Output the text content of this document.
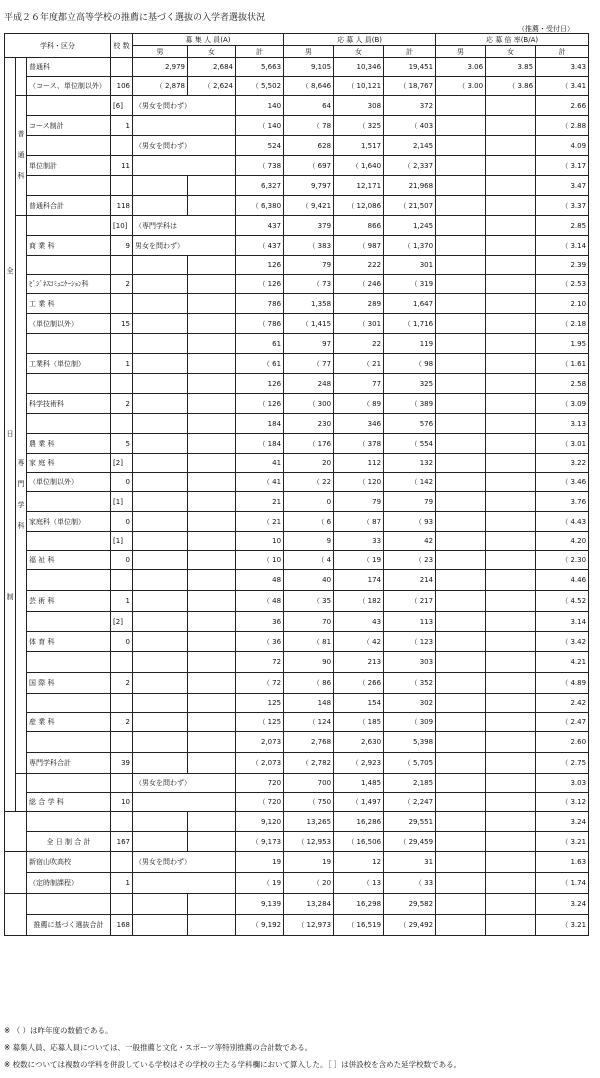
平成２６年度都立高等学校の推薦に基づく選抜の入学者選抜状況
（推薦・受付日）
学科・区分			校 数	募 集 人 員(A)			応 募 人 員(B)			応 募 倍 率(B/A)		
				男	女	計	男	女	計	男	女	計

全
日
制		普通科		2,979	2,684	5,663	9,105	10,346	19,451	3.06	3.85	3.43
		（コース、単位制以外）	106	（ 2,878	（ 2,624	（ 5,502	（ 8,646	（ 10,121	（ 18,767	（ 3.00	（ 3.86	（ 3.41

	普
通
科		[6]	（男女を問わず）		140	64	308	372			2.66
		コース制計	1			（ 140	（ 78	（ 325	（ 403			（ 2.88
				（男女を問わず）		524	628	1,517	2,145			4.09
		単位制計	11			（ 738	（ 697	（ 1,640	（ 2,337			（ 3.17
						6,327	9,797	12,171	21,968			3.47
		普通科合計	118			（ 6,380	（ 9,421	（ 12,086	（ 21,507			（ 3.37

	専
門
学
科		[10]	（専門学科は		437	379	866	1,245			2.85
		商 業 科	9	男女を問わず）		（ 437	（ 383	（ 987	（ 1,370			（ 3.14
						126	79	222	301			2.39
		ﾋﾞｼﾞﾈｽｺﾐｭﾆｹｰｼｮﾝ科	2			（ 126	（ 73	（ 246	（ 319			（ 2.53
		工 業 科				786	1,358	289	1,647			2.10
		（単位制以外）	15			（ 786	（ 1,415	（ 301	（ 1,716			（ 2.18
						61	97	22	119			1.95
		工業科（単位制）	1			（ 61	（ 77	（ 21	（ 98			（ 1.61
						126	248	77	325			2.58
		科学技術科	2			（ 126	（ 300	（ 89	（ 389			（ 3.09
						184	230	346	576			3.13
		農 業 科	5			（ 184	（ 176	（ 378	（ 554			（ 3.01
		家 庭 科	[2]			41	20	112	132			3.22
		（単位制以外）	0			（ 41	（ 22	（ 120	（ 142			（ 3.46
			[1]			21	0	79	79			3.76
		家庭科（単位制）	0			（ 21	（ 6	（ 87	（ 93			（ 4.43
			[1]			10	9	33	42			4.20
		福 祉 科	0			（ 10	（ 4	（ 19	（ 23			（ 2.30
						48	40	174	214			4.46
		芸 術 科	1			（ 48	（ 35	（ 182	（ 217			（ 4.52
			[2]			36	70	43	113			3.14
		体 育 科	0			（ 36	（ 81	（ 42	（ 123			（ 3.42
						72	90	213	303			4.21
		国 際 科	2			（ 72	（ 86	（ 266	（ 352			（ 4.89
						125	148	154	302			2.42
		産 業 科	2			（ 125	（ 124	（ 185	（ 309			（ 2.47
						2,073	2,768	2,630	5,398			2.60
		専門学科合計	39			（ 2,073	（ 2,782	（ 2,923	（ 5,705			（ 2.75
				（男女を問わず）		720	700	1,485	2,185			3.03
		総 合 学 科	10			（ 720	（ 750	（ 1,497	（ 2,247			（ 3.12
						9,120	13,265	16,286	29,551			3.24
		全 日 制 合 計	167			（ 9,173	（ 12,953	（ 16,506	（ 29,459			（ 3.21
		新宿山吹高校		（男女を問わず）		19	19	12	31			1.63
		（定時制課程）	1			（ 19	（ 20	（ 13	（ 33			（ 1.74
						9,139	13,284	16,298	29,582			3.24
		推薦に基づく選抜合計	168			（ 9,192	（ 12,973	（ 16,519	（ 29,492			（ 3.21
※ （ ）は昨年度の数値である。
※ 募集人員、応募人員については、一般推薦と文化・スポーツ等特別推薦の合計数である。
※ 校数については複数の学科を併設している学校はその学校の主たる学科欄において算入した。［ ］は併設校を含めた延学校数である。
